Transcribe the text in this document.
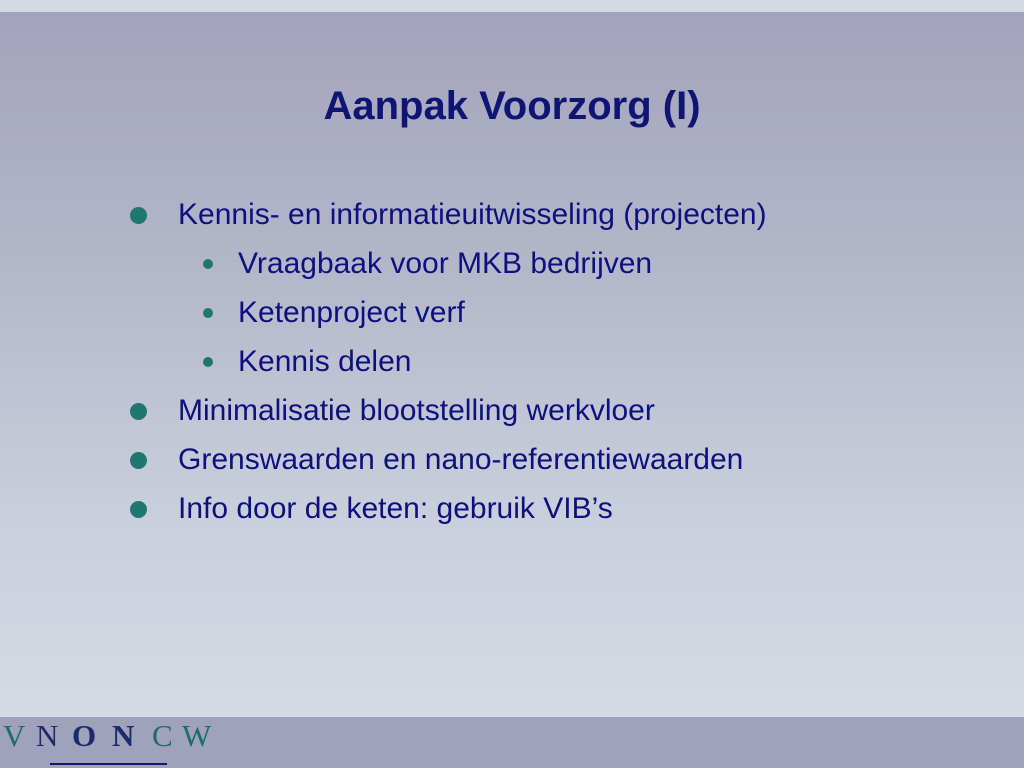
Aanpak Voorzorg (I)
Kennis- en informatieuitwisseling (projecten)
Vraagbaak voor MKB bedrijven
Ketenproject verf
Kennis delen
Minimalisatie blootstelling werkvloer
Grenswaarden en nano-referentiewaarden
Info door de keten: gebruik VIB’s
V N O N C W
